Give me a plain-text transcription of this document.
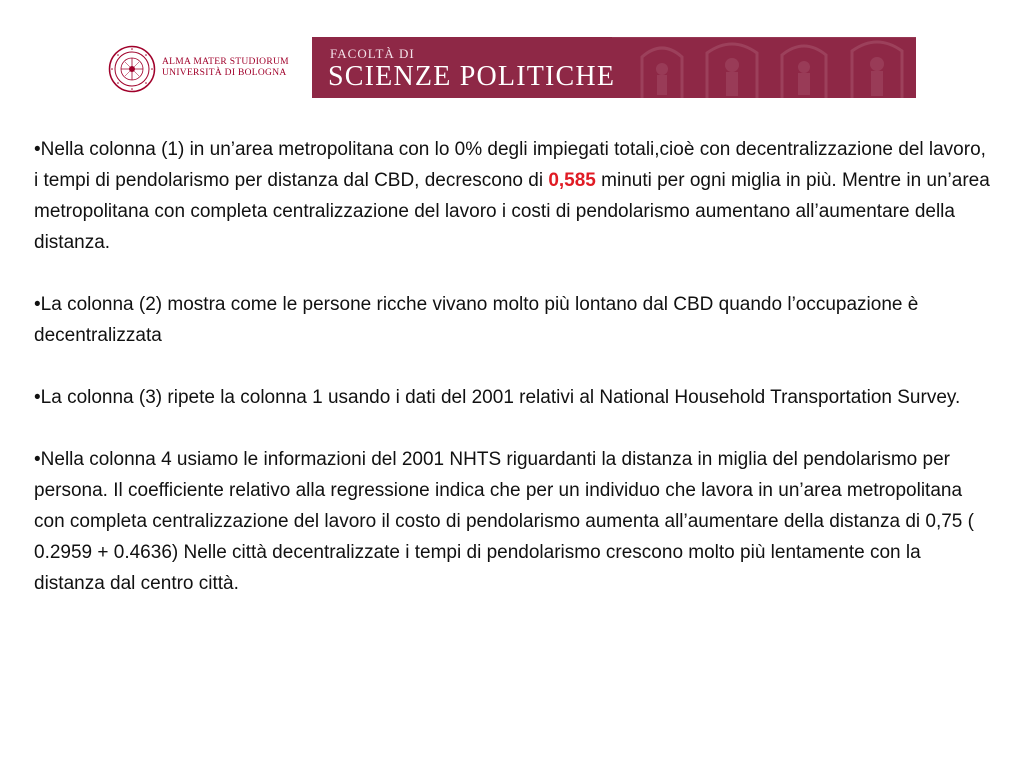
ALMA MATER STUDIORUM
UNIVERSITÀ DI BOLOGNA
FACOLTÀ DI
SCIENZE POLITICHE

•Nella colonna (1) in un’area metropolitana con lo 0% degli impiegati totali,cioè con decentralizzazione del lavoro, i tempi di pendolarismo per distanza dal CBD, decrescono di 0,585 minuti per ogni miglia in più. Mentre in un’area metropolitana con completa centralizzazione del lavoro i costi di pendolarismo aumentano all’aumentare della distanza.

•La colonna (2) mostra come le persone ricche vivano molto più lontano dal CBD quando l’occupazione è decentralizzata

•La colonna (3) ripete la colonna 1 usando i dati del 2001 relativi al National Household Transportation Survey.

•Nella colonna 4 usiamo le informazioni del 2001 NHTS riguardanti la distanza in miglia del pendolarismo per persona. Il coefficiente relativo alla regressione indica che per un individuo che lavora in un’area metropolitana con completa centralizzazione del lavoro il costo di pendolarismo aumenta all’aumentare della distanza di 0,75 ( 0.2959 + 0.4636) Nelle città decentralizzate i tempi di pendolarismo crescono molto più lentamente con la distanza dal centro città.
